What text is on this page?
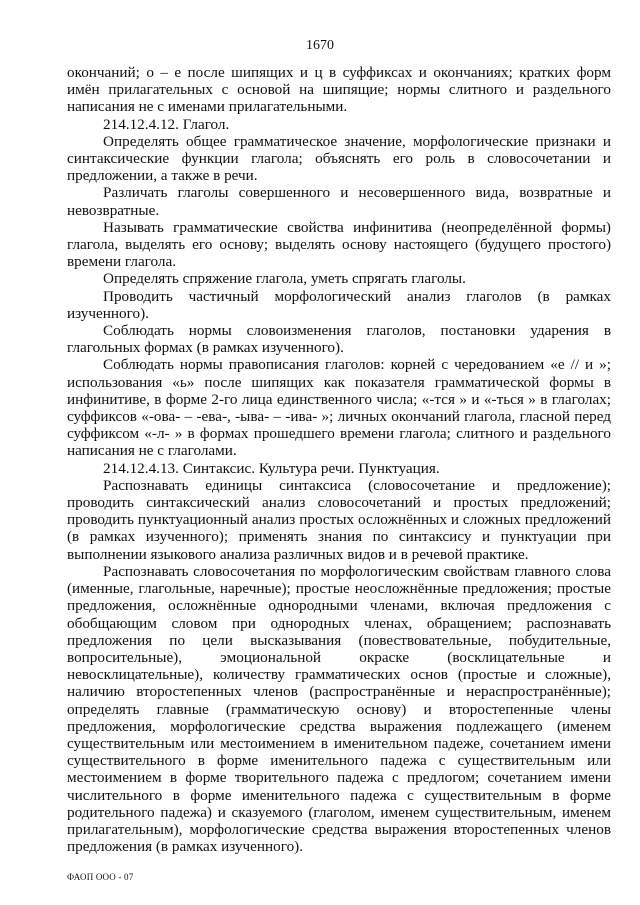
1670

окончаний; о – е после шипящих и ц в суффиксах и окончаниях; кратких форм имён прилагательных с основой на шипящие; нормы слитного и раздельного написания не с именами прилагательными.

214.12.4.12. Глагол.

Определять общее грамматическое значение, морфологические признаки и синтаксические функции глагола; объяснять его роль в словосочетании и предложении, а также в речи.

Различать глаголы совершенного и несовершенного вида, возвратные и невозвратные.

Называть грамматические свойства инфинитива (неопределённой формы) глагола, выделять его основу; выделять основу настоящего (будущего простого) времени глагола.

Определять спряжение глагола, уметь спрягать глаголы.

Проводить частичный морфологический анализ глаголов (в рамках изученного).

Соблюдать нормы словоизменения глаголов, постановки ударения в глагольных формах (в рамках изученного).

Соблюдать нормы правописания глаголов: корней с чередованием «е // и »; использования «ь» после шипящих как показателя грамматической формы в инфинитиве, в форме 2-го лица единственного числа; «-тся » и «-ться » в глаголах; суффиксов «-ова- – -ева-, -ыва- – -ива- »; личных окончаний глагола, гласной перед суффиксом «-л- » в формах прошедшего времени глагола; слитного и раздельного написания не с глаголами.

214.12.4.13. Синтаксис. Культура речи. Пунктуация.

Распознавать единицы синтаксиса (словосочетание и предложение); проводить синтаксический анализ словосочетаний и простых предложений; проводить пунктуационный анализ простых осложнённых и сложных предложений (в рамках изученного); применять знания по синтаксису и пунктуации при выполнении языкового анализа различных видов и в речевой практике.

Распознавать словосочетания по морфологическим свойствам главного слова (именные, глагольные, наречные); простые неосложнённые предложения; простые предложения, осложнённые однородными членами, включая предложения с обобщающим словом при однородных членах, обращением; распознавать предложения по цели высказывания (повествовательные, побудительные, вопросительные), эмоциональной окраске (восклицательные и невосклицательные), количеству грамматических основ (простые и сложные), наличию второстепенных членов (распространённые и нераспространённые); определять главные (грамматическую основу) и второстепенные члены предложения, морфологические средства выражения подлежащего (именем существительным или местоимением в именительном падеже, сочетанием имени существительного в форме именительного падежа с существительным или местоимением в форме творительного падежа с предлогом; сочетанием имени числительного в форме именительного падежа с существительным в форме родительного падежа) и сказуемого (глаголом, именем существительным, именем прилагательным), морфологические средства выражения второстепенных членов предложения (в рамках изученного).

ФАОП ООО - 07
